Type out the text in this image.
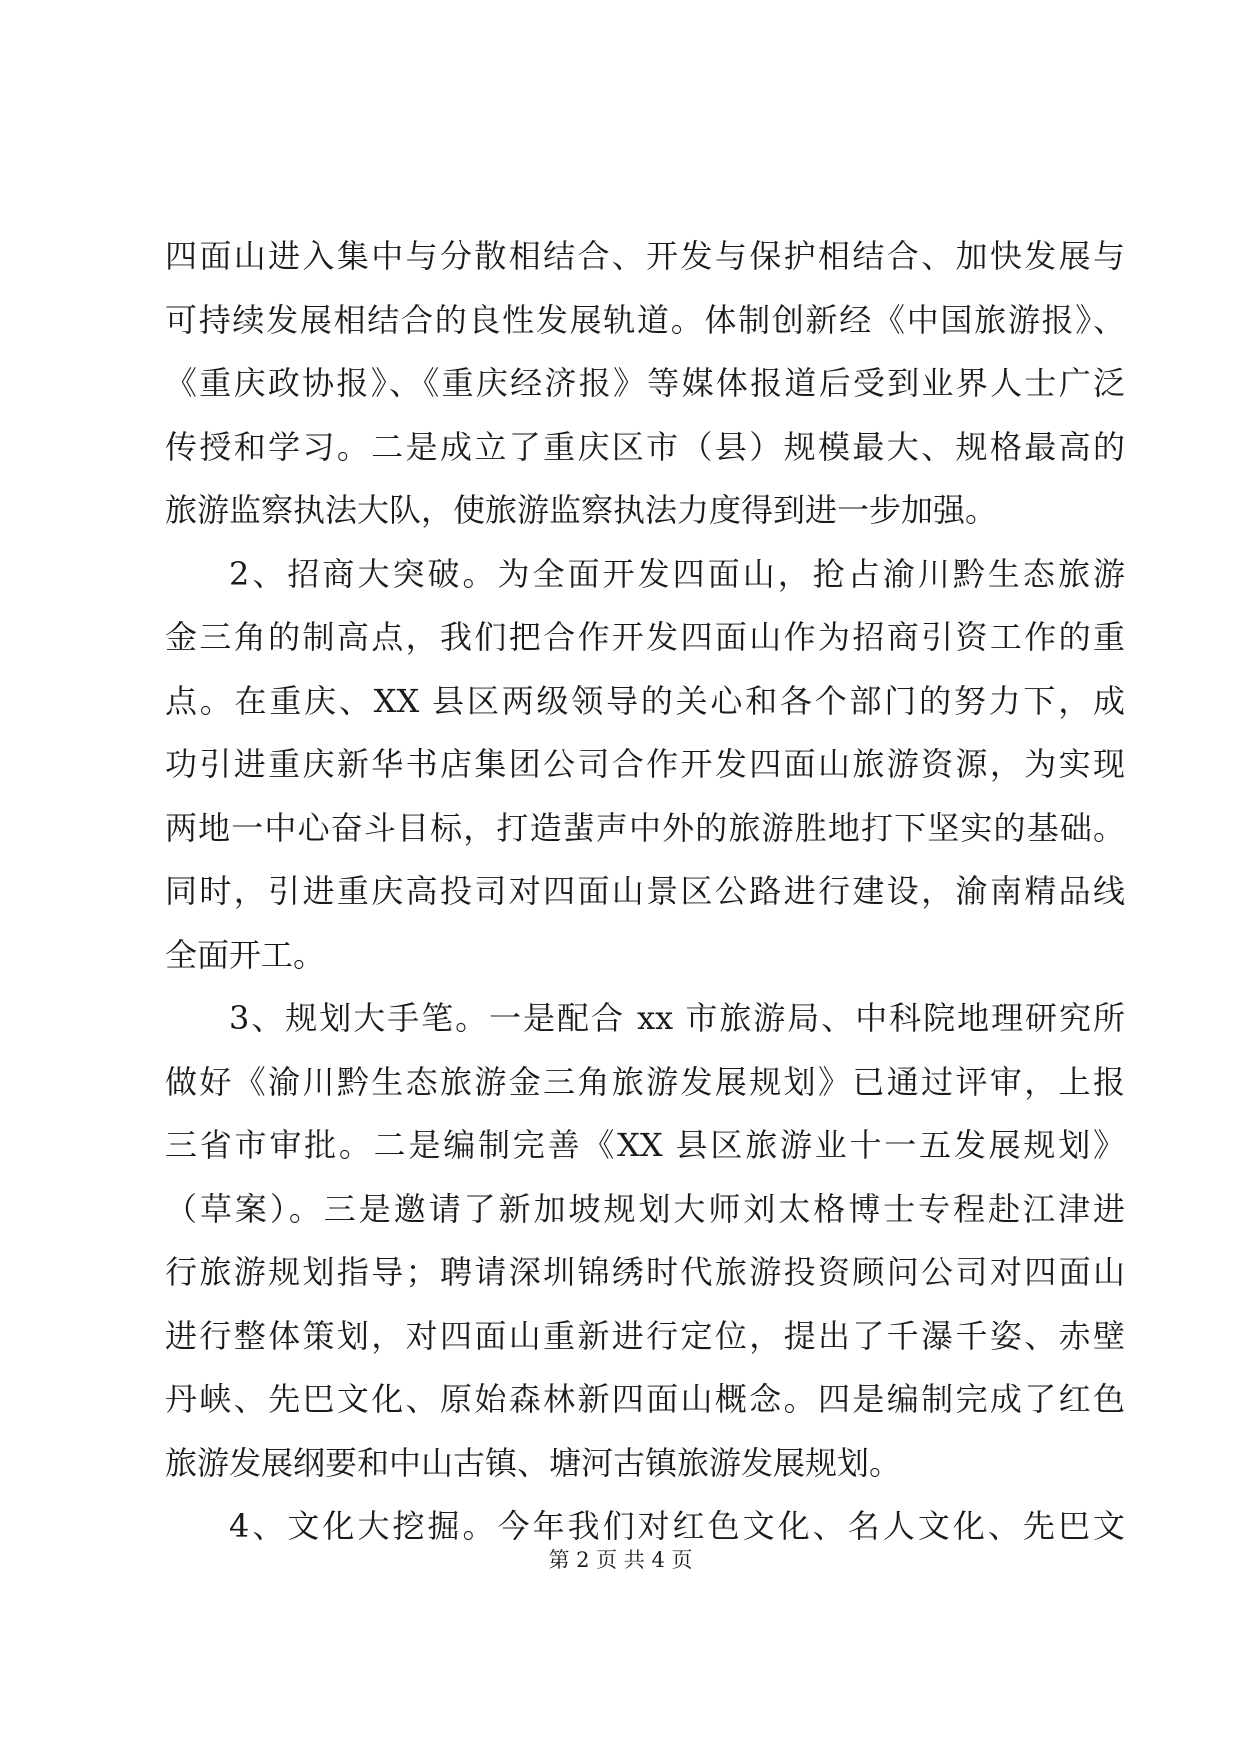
四面山进入集中与分散相结合、开发与保护相结合、加快发展与
可持续发展相结合的良性发展轨道。体制创新经《中国旅游报》、
《重庆政协报》、《重庆经济报》等媒体报道后受到业界人士广泛
传授和学习。二是成立了重庆区市（县）规模最大、规格最高的
旅游监察执法大队，使旅游监察执法力度得到进一步加强。
2、招商大突破。为全面开发四面山，抢占渝川黔生态旅游
金三角的制高点，我们把合作开发四面山作为招商引资工作的重
点。在重庆、XX 县区两级领导的关心和各个部门的努力下，成
功引进重庆新华书店集团公司合作开发四面山旅游资源，为实现
两地一中心奋斗目标，打造蜚声中外的旅游胜地打下坚实的基础。
同时，引进重庆高投司对四面山景区公路进行建设，渝南精品线
全面开工。
3、规划大手笔。一是配合 xx 市旅游局、中科院地理研究所
做好《渝川黔生态旅游金三角旅游发展规划》已通过评审，上报
三省市审批。二是编制完善《XX 县区旅游业十一五发展规划》
（草案）。三是邀请了新加坡规划大师刘太格博士专程赴江津进
行旅游规划指导；聘请深圳锦绣时代旅游投资顾问公司对四面山
进行整体策划，对四面山重新进行定位，提出了千瀑千姿、赤壁
丹峡、先巴文化、原始森林新四面山概念。四是编制完成了红色
旅游发展纲要和中山古镇、塘河古镇旅游发展规划。
4、文化大挖掘。今年我们对红色文化、名人文化、先巴文
第 2 页 共 4 页
